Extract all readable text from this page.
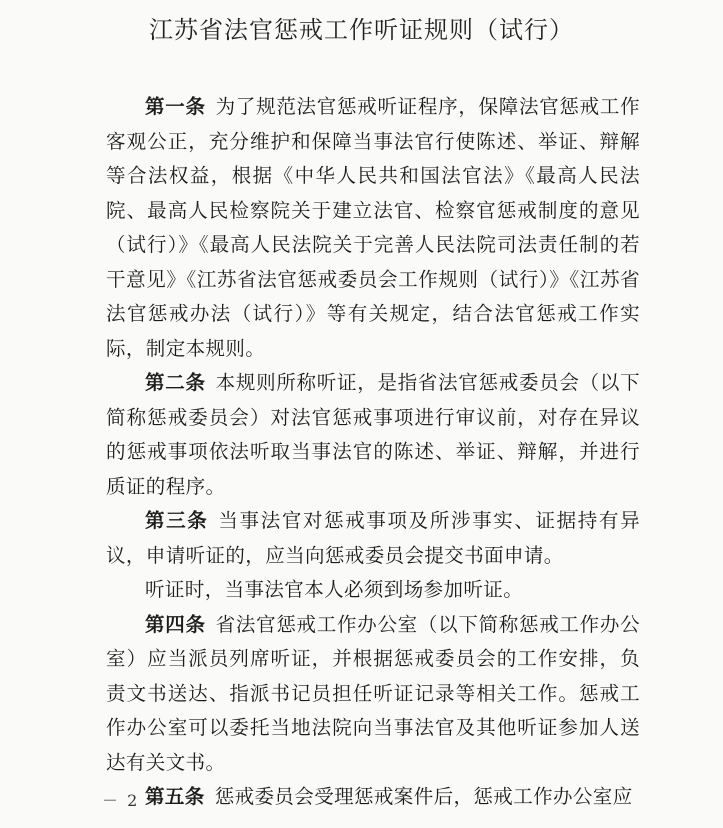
江苏省法官惩戒工作听证规则（试行）

第一条 为了规范法官惩戒听证程序，保障法官惩戒工作客观公正，充分维护和保障当事法官行使陈述、举证、辩解等合法权益，根据《中华人民共和国法官法》《最高人民法院、最高人民检察院关于建立法官、检察官惩戒制度的意见（试行）》《最高人民法院关于完善人民法院司法责任制的若干意见》《江苏省法官惩戒委员会工作规则（试行）》《江苏省法官惩戒办法（试行）》等有关规定，结合法官惩戒工作实际，制定本规则。

第二条 本规则所称听证，是指省法官惩戒委员会（以下简称惩戒委员会）对法官惩戒事项进行审议前，对存在异议的惩戒事项依法听取当事法官的陈述、举证、辩解，并进行质证的程序。

第三条 当事法官对惩戒事项及所涉事实、证据持有异议，申请听证的，应当向惩戒委员会提交书面申请。

听证时，当事法官本人必须到场参加听证。

第四条 省法官惩戒工作办公室（以下简称惩戒工作办公室）应当派员列席听证，并根据惩戒委员会的工作安排，负责文书送达、指派书记员担任听证记录等相关工作。惩戒工作办公室可以委托当地法院向当事法官及其他听证参加人送达有关文书。

第五条 惩戒委员会受理惩戒案件后，惩戒工作办公室应

－ 2 －
